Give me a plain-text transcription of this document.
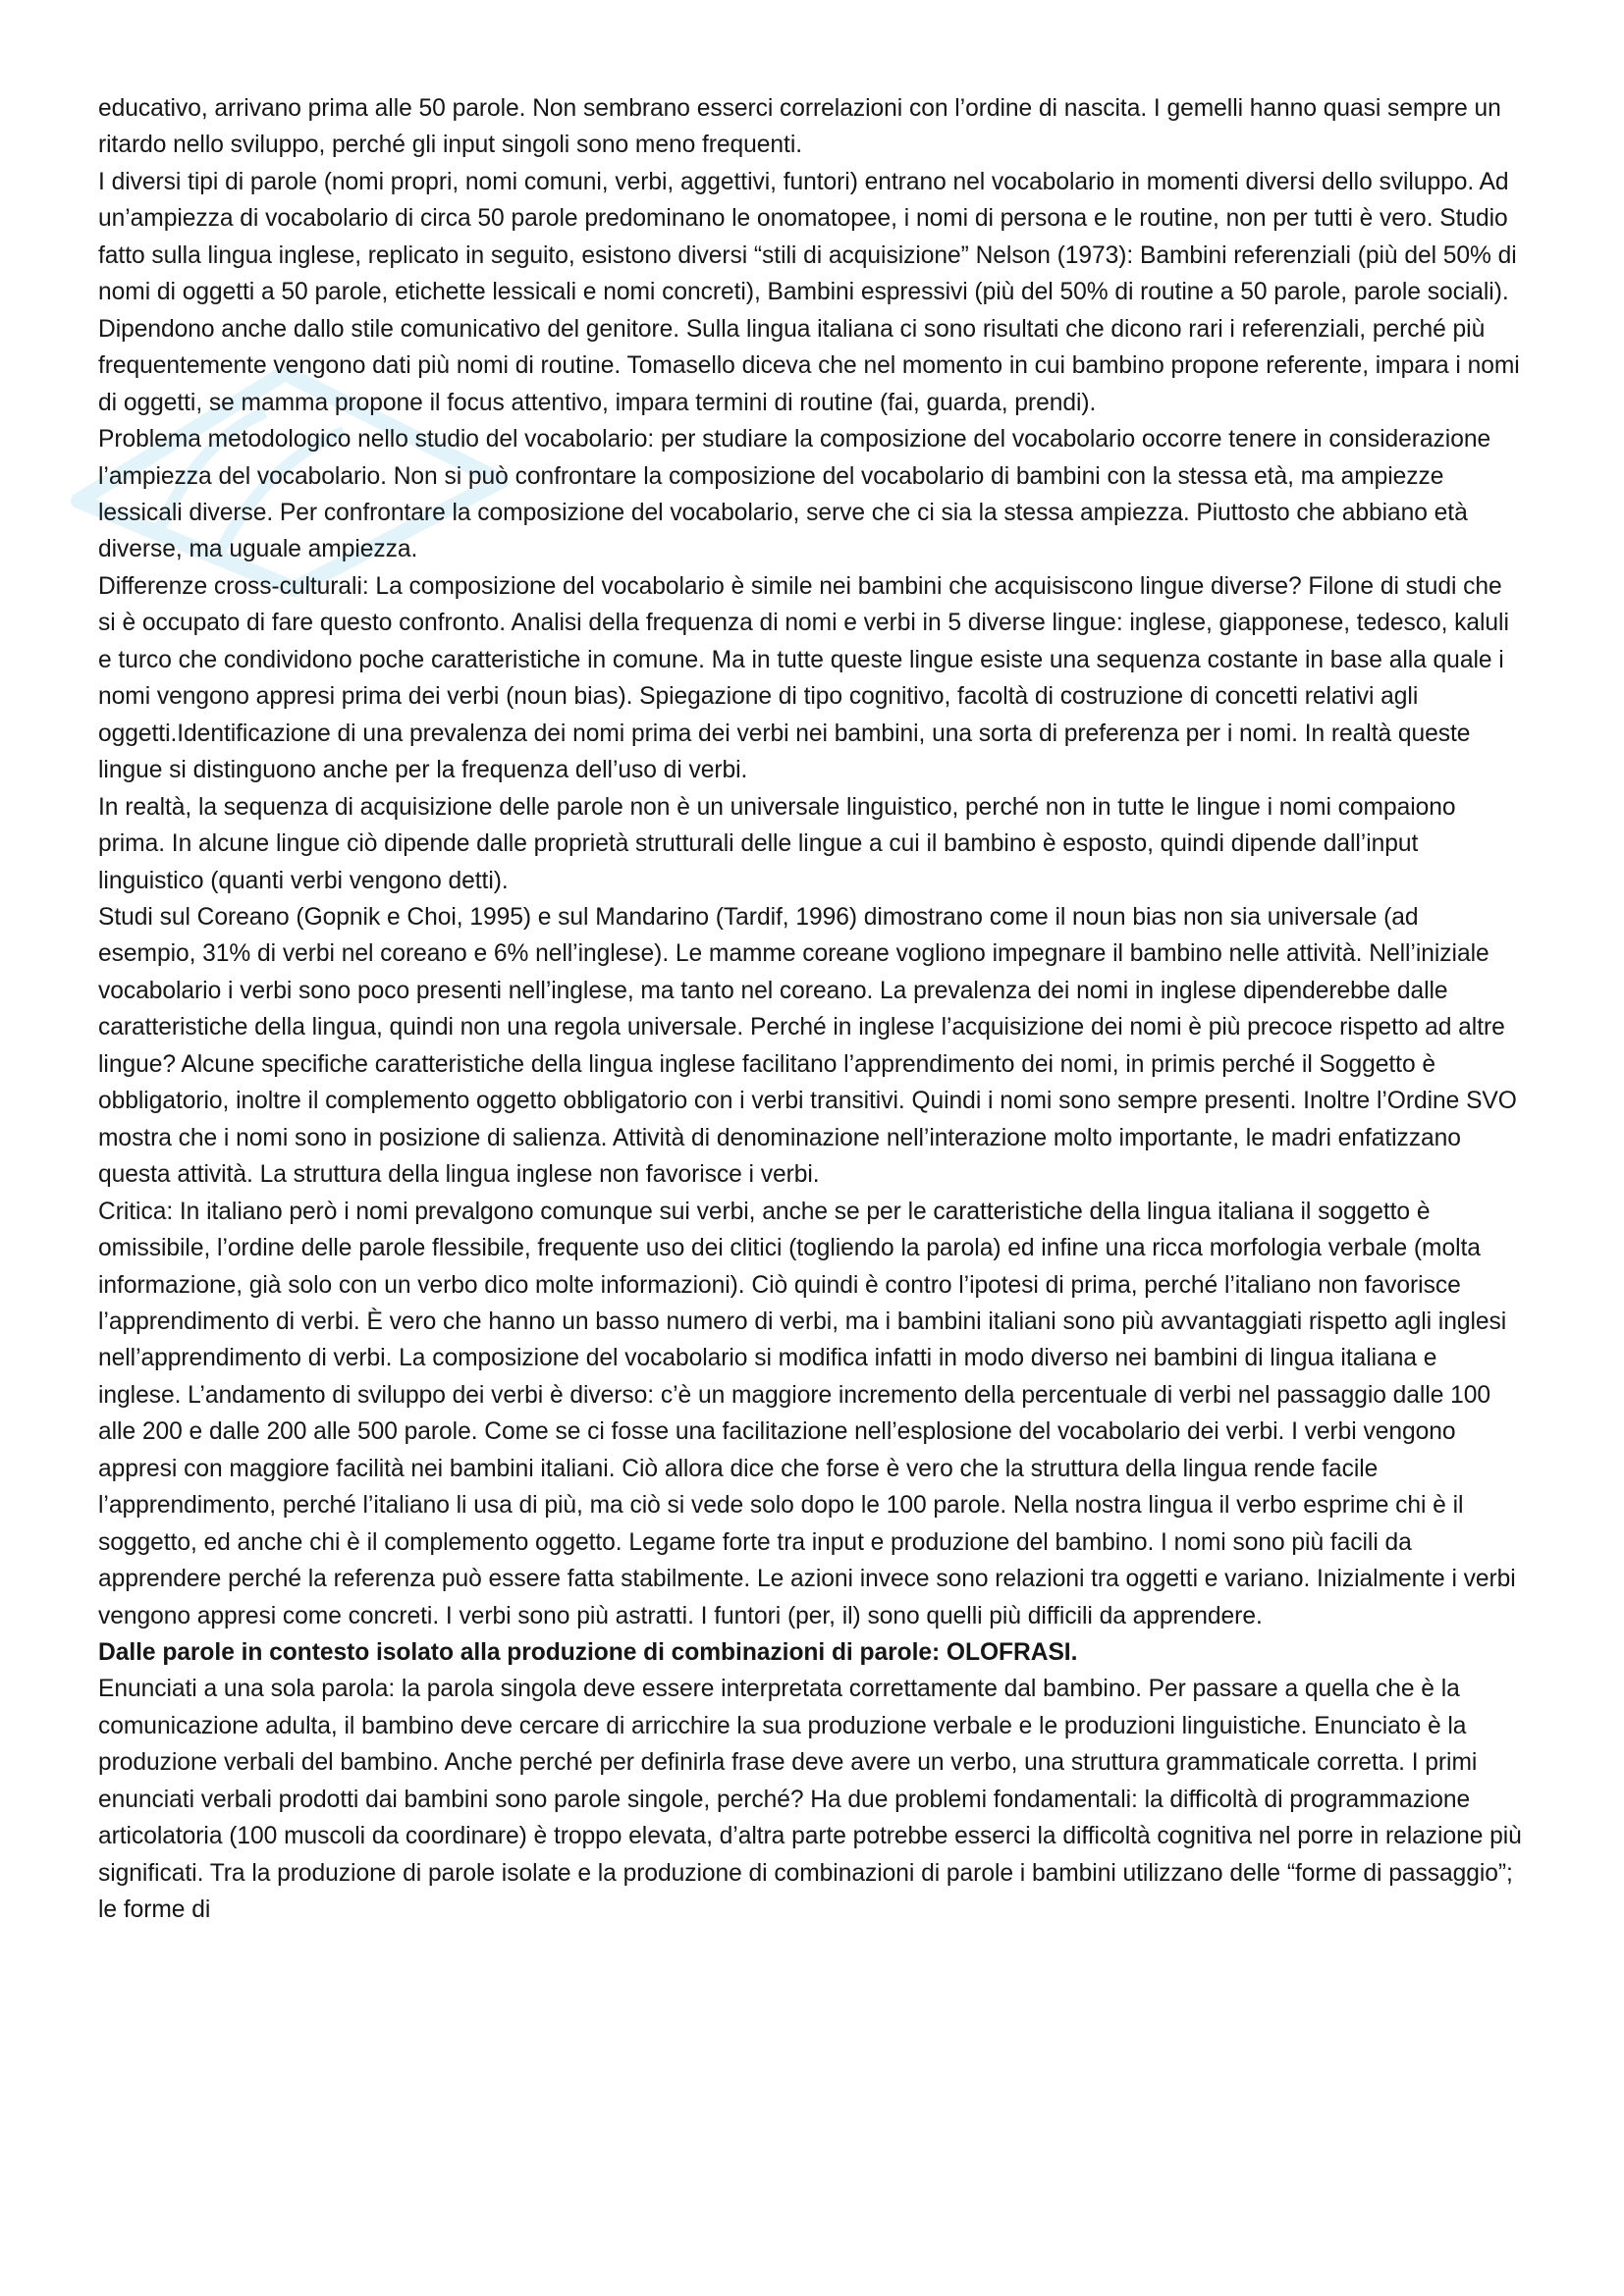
educativo, arrivano prima alle 50 parole. Non sembrano esserci correlazioni con l’ordine di nascita. I gemelli hanno quasi sempre un ritardo nello sviluppo, perché gli input singoli sono meno frequenti.

I diversi tipi di parole (nomi propri, nomi comuni, verbi, aggettivi, funtori) entrano nel vocabolario in momenti diversi dello sviluppo. Ad un’ampiezza di vocabolario di circa 50 parole predominano le onomatopee, i nomi di persona e le routine, non per tutti è vero. Studio fatto sulla lingua inglese, replicato in seguito, esistono diversi “stili di acquisizione” Nelson (1973): Bambini referenziali (più del 50% di nomi di oggetti a 50 parole, etichette lessicali e nomi concreti), Bambini espressivi (più del 50% di routine a 50 parole, parole sociali). Dipendono anche dallo stile comunicativo del genitore. Sulla lingua italiana ci sono risultati che dicono rari i referenziali, perché più frequentemente vengono dati più nomi di routine. Tomasello diceva che nel momento in cui bambino propone referente, impara i nomi di oggetti, se mamma propone il focus attentivo, impara termini di routine (fai, guarda, prendi).

Problema metodologico nello studio del vocabolario: per studiare la composizione del vocabolario occorre tenere in considerazione l’ampiezza del vocabolario. Non si può confrontare la composizione del vocabolario di bambini con la stessa età, ma ampiezze lessicali diverse. Per confrontare la composizione del vocabolario, serve che ci sia la stessa ampiezza. Piuttosto che abbiano età diverse, ma uguale ampiezza.

Differenze cross-culturali: La composizione del vocabolario è simile nei bambini che acquisiscono lingue diverse? Filone di studi che si è occupato di fare questo confronto. Analisi della frequenza di nomi e verbi in 5 diverse lingue: inglese, giapponese, tedesco, kaluli e turco che condividono poche caratteristiche in comune. Ma in tutte queste lingue esiste una sequenza costante in base alla quale i nomi vengono appresi prima dei verbi (noun bias). Spiegazione di tipo cognitivo, facoltà di costruzione di concetti relativi agli oggetti.Identificazione di una prevalenza dei nomi prima dei verbi nei bambini, una sorta di preferenza per i nomi. In realtà queste lingue si distinguono anche per la frequenza dell’uso di verbi.

In realtà, la sequenza di acquisizione delle parole non è un universale linguistico, perché non in tutte le lingue i nomi compaiono prima. In alcune lingue ciò dipende dalle proprietà strutturali delle lingue a cui il bambino è esposto, quindi dipende dall’input linguistico (quanti verbi vengono detti).

Studi sul Coreano (Gopnik e Choi, 1995) e sul Mandarino (Tardif, 1996) dimostrano come il noun bias non sia universale (ad esempio, 31% di verbi nel coreano e 6% nell’inglese). Le mamme coreane vogliono impegnare il bambino nelle attività. Nell’iniziale vocabolario i verbi sono poco presenti nell’inglese, ma tanto nel coreano. La prevalenza dei nomi in inglese dipenderebbe dalle caratteristiche della lingua, quindi non una regola universale. Perché in inglese l’acquisizione dei nomi è più precoce rispetto ad altre lingue? Alcune specifiche caratteristiche della lingua inglese facilitano l’apprendimento dei nomi, in primis perché il Soggetto è obbligatorio, inoltre il complemento oggetto obbligatorio con i verbi transitivi. Quindi i nomi sono sempre presenti. Inoltre l’Ordine SVO mostra che i nomi sono in posizione di salienza. Attività di denominazione nell’interazione molto importante, le madri enfatizzano questa attività. La struttura della lingua inglese non favorisce i verbi.

Critica: In italiano però i nomi prevalgono comunque sui verbi, anche se per le caratteristiche della lingua italiana il soggetto è omissibile, l’ordine delle parole flessibile, frequente uso dei clitici (togliendo la parola) ed infine una ricca morfologia verbale (molta informazione, già solo con un verbo dico molte informazioni). Ciò quindi è contro l’ipotesi di prima, perché l’italiano non favorisce l’apprendimento di verbi. È vero che hanno un basso numero di verbi, ma i bambini italiani sono più avvantaggiati rispetto agli inglesi nell’apprendimento di verbi. La composizione del vocabolario si modifica infatti in modo diverso nei bambini di lingua italiana e inglese. L’andamento di sviluppo dei verbi è diverso: c’è un maggiore incremento della percentuale di verbi nel passaggio dalle 100 alle 200 e dalle 200 alle 500 parole. Come se ci fosse una facilitazione nell’esplosione del vocabolario dei verbi. I verbi vengono appresi con maggiore facilità nei bambini italiani. Ciò allora dice che forse è vero che la struttura della lingua rende facile l’apprendimento, perché l’italiano li usa di più, ma ciò si vede solo dopo le 100 parole. Nella nostra lingua il verbo esprime chi è il soggetto, ed anche chi è il complemento oggetto. Legame forte tra input e produzione del bambino. I nomi sono più facili da apprendere perché la referenza può essere fatta stabilmente. Le azioni invece sono relazioni tra oggetti e variano. Inizialmente i verbi vengono appresi come concreti. I verbi sono più astratti. I funtori (per, il) sono quelli più difficili da apprendere.

Dalle parole in contesto isolato alla produzione di combinazioni di parole: OLOFRASI.

Enunciati a una sola parola: la parola singola deve essere interpretata correttamente dal bambino. Per passare a quella che è la comunicazione adulta, il bambino deve cercare di arricchire la sua produzione verbale e le produzioni linguistiche. Enunciato è la produzione verbali del bambino. Anche perché per definirla frase deve avere un verbo, una struttura grammaticale corretta. I primi enunciati verbali prodotti dai bambini sono parole singole, perché? Ha due problemi fondamentali: la difficoltà di programmazione articolatoria (100 muscoli da coordinare) è troppo elevata, d’altra parte potrebbe esserci la difficoltà cognitiva nel porre in relazione più significati. Tra la produzione di parole isolate e la produzione di combinazioni di parole i bambini utilizzano delle “forme di passaggio”; le forme di
